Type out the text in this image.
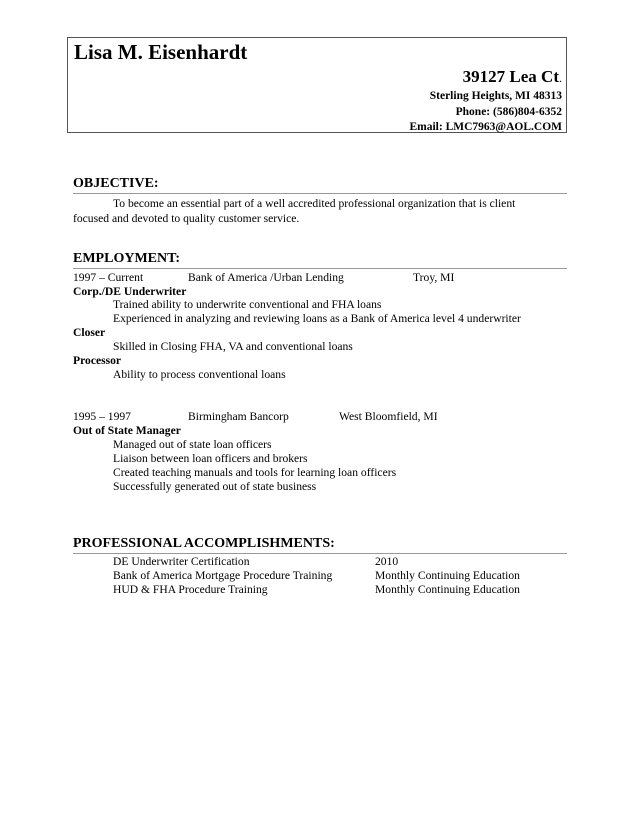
Lisa M. Eisenhardt
39127 Lea Ct.
Sterling Heights, MI 48313
Phone: (586)804-6352
Email: LMC7963@AOL.COM
OBJECTIVE:
To become an essential part of a well accredited professional organization that is client
focused and devoted to quality customer service.
EMPLOYMENT:
1997 – Current	Bank of America /Urban Lending	Troy, MI
Corp./DE Underwriter
Trained ability to underwrite conventional and FHA loans
Experienced in analyzing and reviewing loans as a Bank of America level 4 underwriter
Closer
Skilled in Closing FHA, VA and conventional loans
Processor
Ability to process conventional loans
1995 – 1997	Birmingham Bancorp	West Bloomfield, MI
Out of State Manager
Managed out of state loan officers
Liaison between loan officers and brokers
Created teaching manuals and tools for learning loan officers
Successfully generated out of state business
PROFESSIONAL ACCOMPLISHMENTS:
DE Underwriter Certification	2010
Bank of America Mortgage Procedure Training	Monthly Continuing Education
HUD & FHA Procedure Training	Monthly Continuing Education
